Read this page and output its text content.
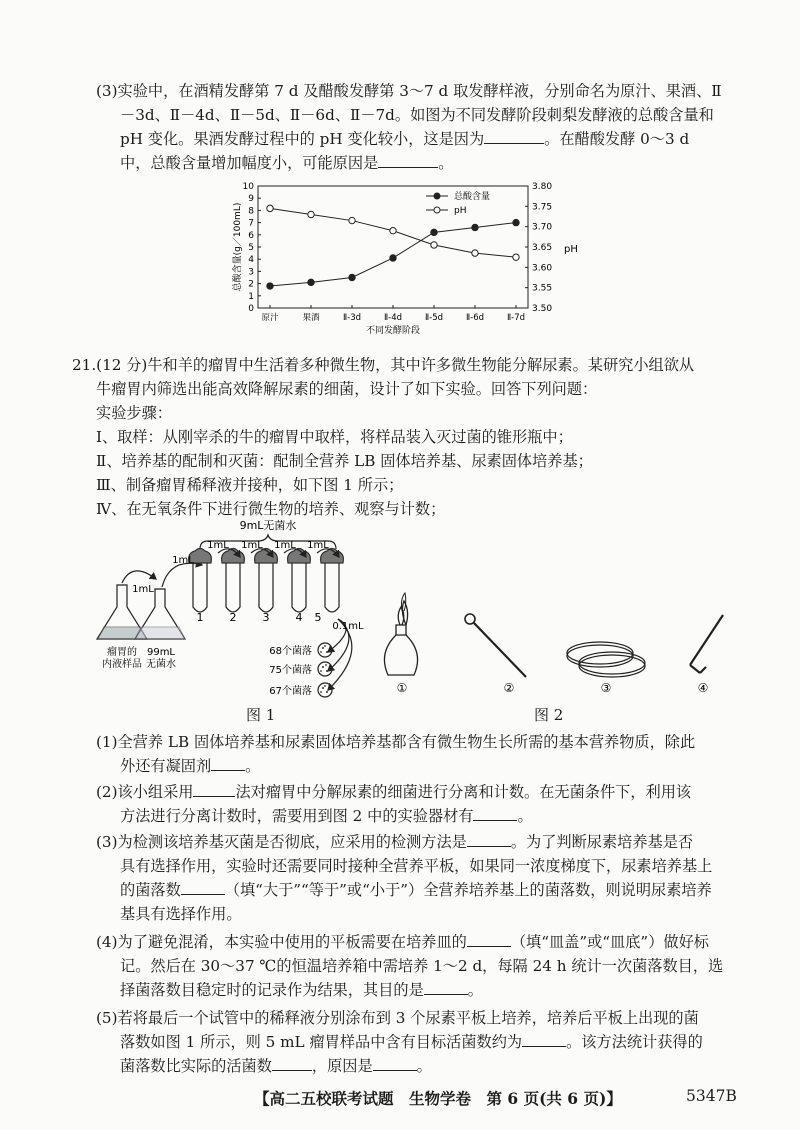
(3)实验中，在酒精发酵第 7 d 及醋酸发酵第 3～7 d 取发酵样液，分别命名为原汁、果酒、Ⅱ
－3d、Ⅱ－4d、Ⅱ－5d、Ⅱ－6d、Ⅱ－7d。如图为不同发酵阶段刺梨发酵液的总酸含量和
pH 变化。果酒发酵过程中的 pH 变化较小，这是因为	。在醋酸发酵 0～3 d
中，总酸含量增加幅度小，可能原因是	。
0
1
2
3
4
5
6
7
8
9
10
3.50
3.55
3.60
3.65
3.70
3.75
3.80
原汁	果酒	Ⅱ-3d	Ⅱ-4d	Ⅱ-5d	Ⅱ-6d	Ⅱ-7d
不同发酵阶段
总酸含量(g／100mL)	pH
总酸含量
pH
21.(12 分)牛和羊的瘤胃中生活着多种微生物，其中许多微生物能分解尿素。某研究小组欲从
牛瘤胃内筛选出能高效降解尿素的细菌，设计了如下实验。回答下列问题：
实验步骤：
Ⅰ、取样：从刚宰杀的牛的瘤胃中取样，将样品装入灭过菌的锥形瓶中；
Ⅱ、培养基的配制和灭菌：配制全营养 LB 固体培养基、尿素固体培养基；
Ⅲ、制备瘤胃稀释液并接种，如下图 1 所示；
Ⅳ、在无氧条件下进行微生物的培养、观察与计数；
9mL无菌水
1mL 1mL 1mL 1mL
1mL
1mL
0.1mL
瘤胃的
内液样品
99mL
无菌水
1 2 3 4 5
68个菌落
75个菌落
67个菌落	①	②	③	④
图 1	图 2
(1)全营养 LB 固体培养基和尿素固体培养基都含有微生物生长所需的基本营养物质，除此
外还有凝固剂 。
(2)该小组采用	法对瘤胃中分解尿素的细菌进行分离和计数。在无菌条件下，利用该
方法进行分离计数时，需要用到图 2 中的实验器材有	。
(3)为检测该培养基灭菌是否彻底，应采用的检测方法是	。为了判断尿素培养基是否
具有选择作用，实验时还需要同时接种全营养平板，如果同一浓度梯度下，尿素培养基上
的菌落数	（填“大于”“等于”或“小于”）全营养培养基上的菌落数，则说明尿素培养
基具有选择作用。
(4)为了避免混淆，本实验中使用的平板需要在培养皿的	（填“皿盖”或“皿底”）做好标
记。然后在 30～37 ℃的恒温培养箱中需培养 1～2 d，每隔 24 h 统计一次菌落数目，选
择菌落数目稳定时的记录作为结果，其目的是	。
(5)若将最后一个试管中的稀释液分别涂布到 3 个尿素平板上培养，培养后平板上出现的菌
落数如图 1 所示，则 5 mL 瘤胃样品中含有目标活菌数约为	。该方法统计获得的
菌落数比实际的活菌数	，原因是	。
【高二五校联考试题　生物学卷　第 6 页(共 6 页)】	5347B
